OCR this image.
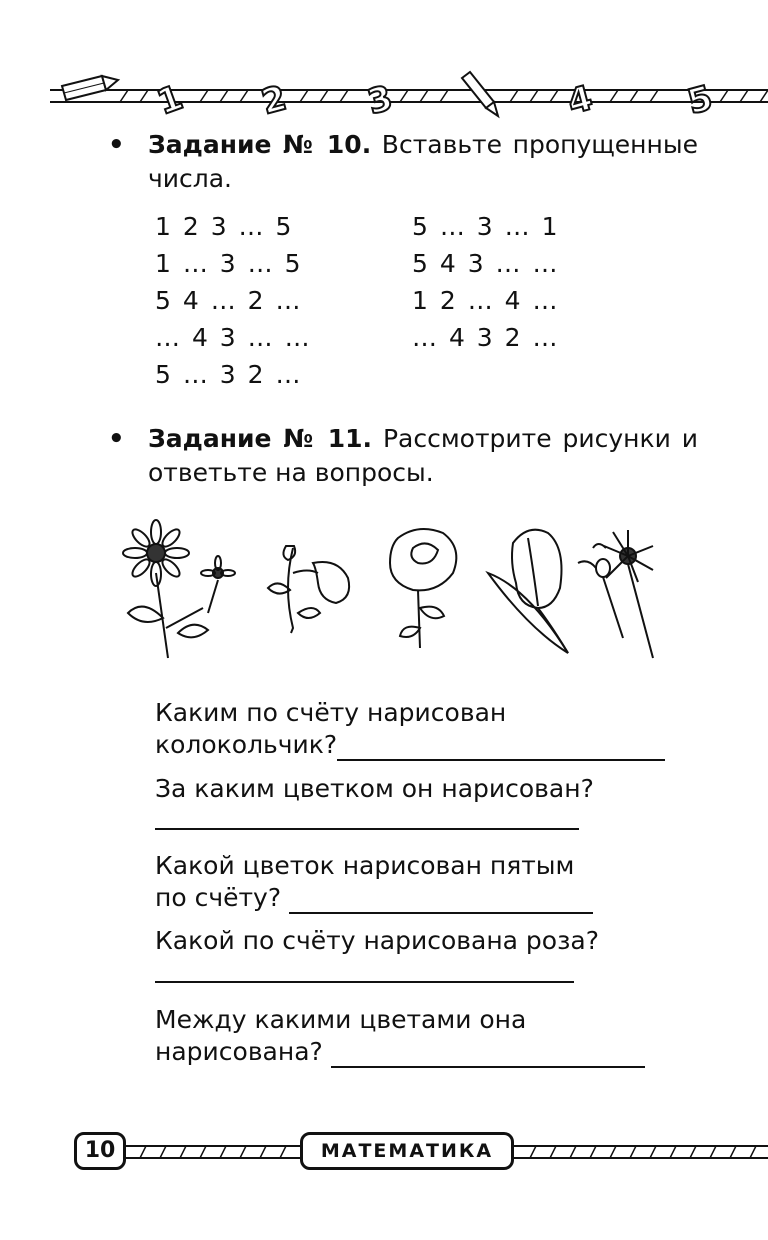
1 2 3	4	5
• Задание № 10. Вставьте пропущенные числа.
1 2 3 … 5
1 … 3 … 5
5 4 … 2 …
… 4 3 … …
5 … 3 2 …
5 … 3 … 1
5 4 3 … …
1 2 … 4 …
… 4 3 2 …
• Задание № 11. Рассмотрите рисунки и ответьте на вопросы.
Каким по счёту нарисован
колокольчик?
За каким цветком он нарисован?
Какой цветок нарисован пятым
по счёту?
Какой по счёту нарисована роза?
Между какими цветами она
нарисована?
10	МАТЕМАТИКА
